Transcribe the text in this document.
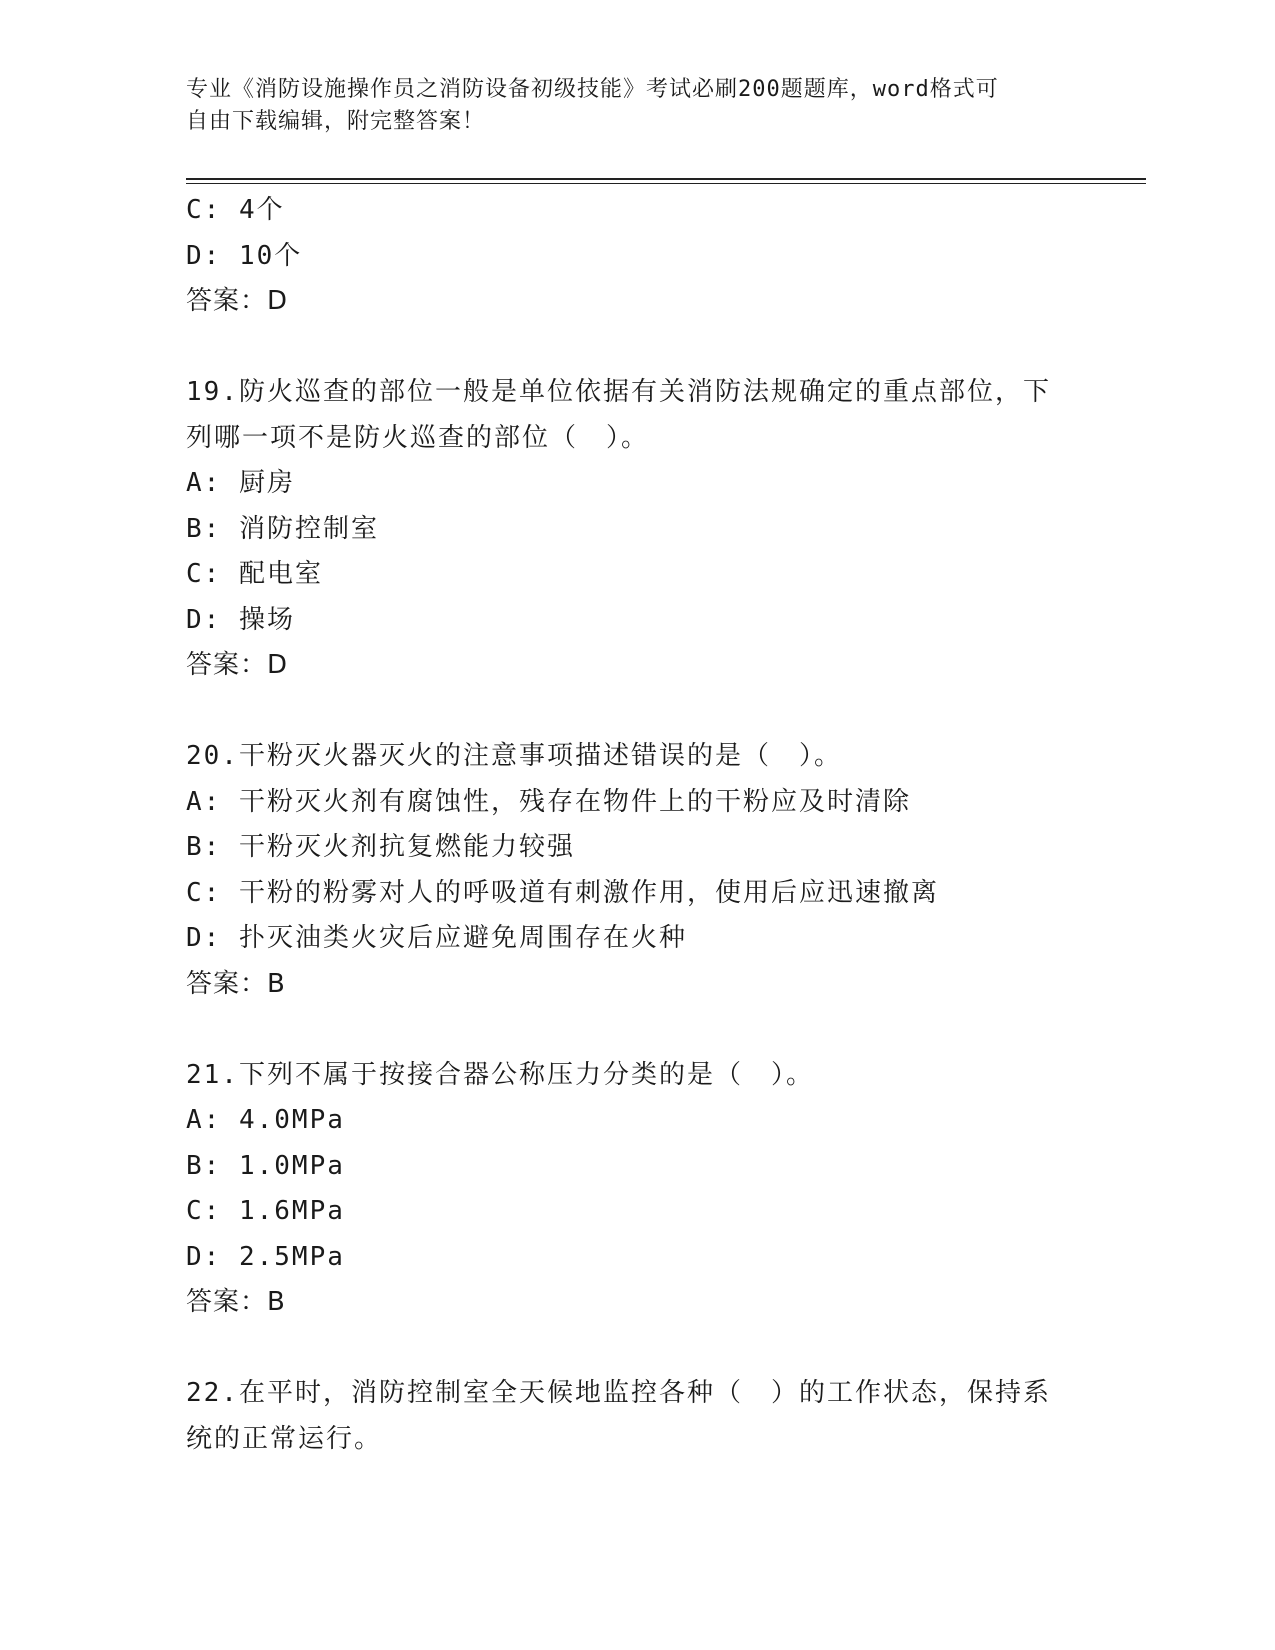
专业《消防设施操作员之消防设备初级技能》考试必刷200题题库，word格式可
自由下载编辑，附完整答案！
C: 4个
D: 10个
答案：D
19.防火巡查的部位一般是单位依据有关消防法规确定的重点部位，下
列哪一项不是防火巡查的部位（　）。
A: 厨房
B: 消防控制室
C: 配电室
D: 操场
答案：D
20.干粉灭火器灭火的注意事项描述错误的是（　）。
A: 干粉灭火剂有腐蚀性，残存在物件上的干粉应及时清除
B: 干粉灭火剂抗复燃能力较强
C: 干粉的粉雾对人的呼吸道有刺激作用，使用后应迅速撤离
D: 扑灭油类火灾后应避免周围存在火种
答案：B
21.下列不属于按接合器公称压力分类的是（　）。
A: 4.0MPa
B: 1.0MPa
C: 1.6MPa
D: 2.5MPa
答案：B
22.在平时，消防控制室全天候地监控各种（　）的工作状态，保持系
统的正常运行。
